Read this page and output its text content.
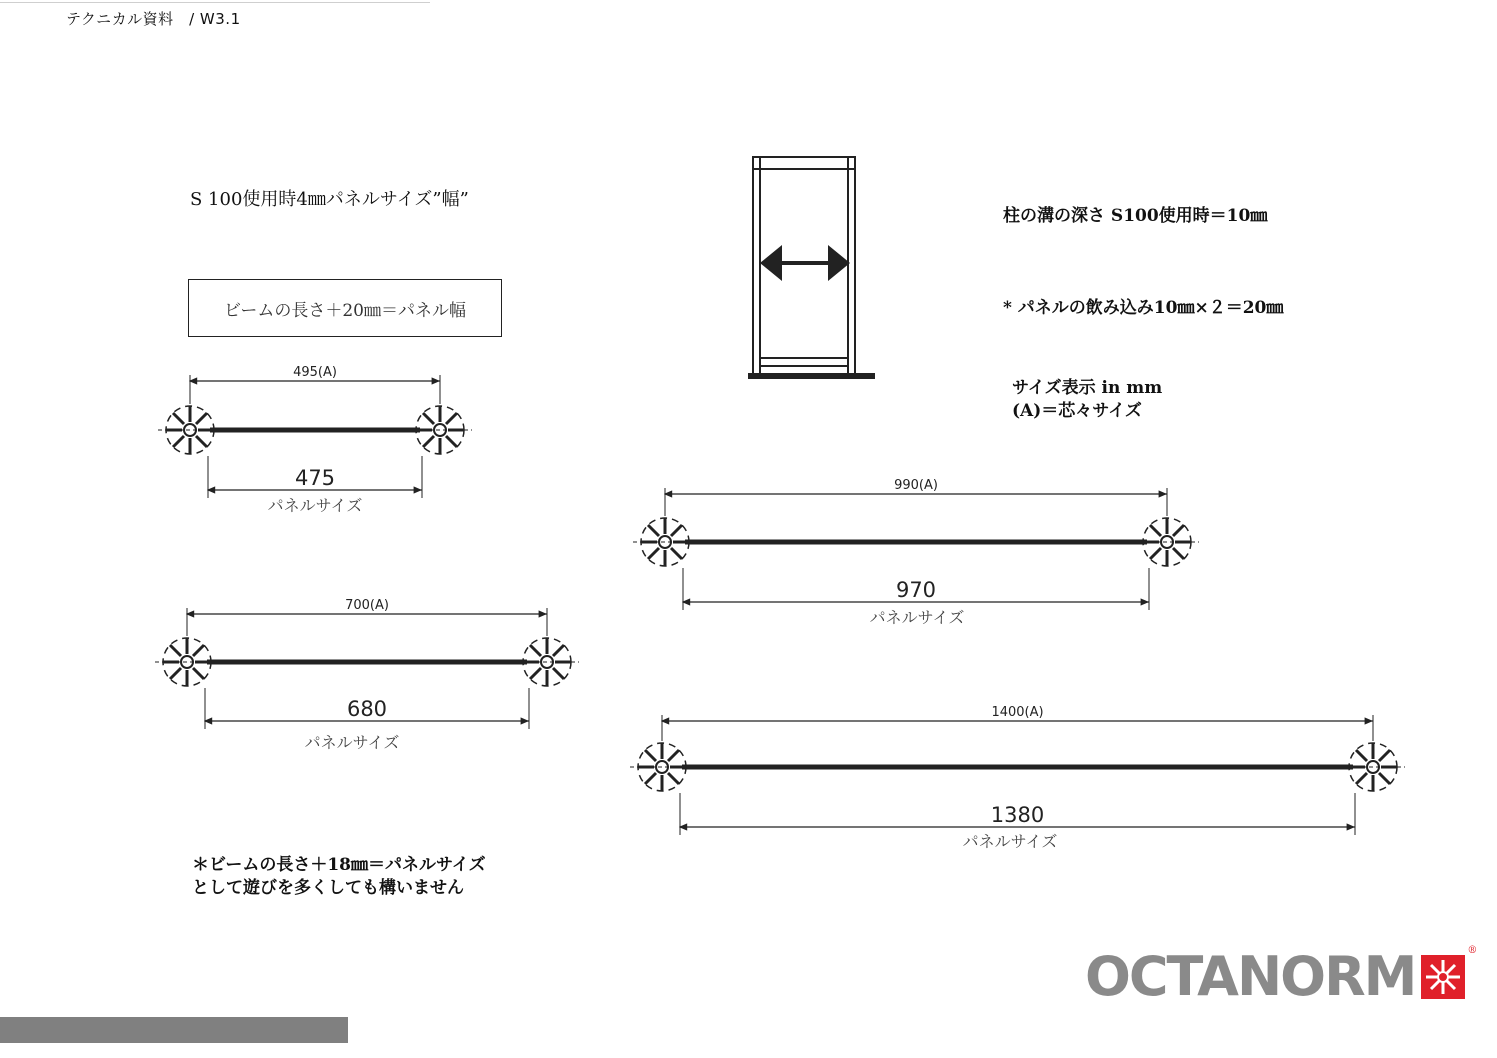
テクニカル資料　/ W3.1
S 100使用時4㎜パネルサイズ”幅”
ビームの長さ＋20㎜＝パネル幅
柱の溝の深さ S100使用時＝10㎜
* パネルの飲み込み10㎜×２＝20㎜
サイズ表示 in mm
(A)＝芯々サイズ
＊ビームの長さ＋18㎜＝パネルサイズ
として遊びを多くしても構いません
495(A)
475
パネルサイズ
700(A)
680
パネルサイズ
990(A)
970
パネルサイズ
1400(A)
1380
パネルサイズ
OCTANORM	®
